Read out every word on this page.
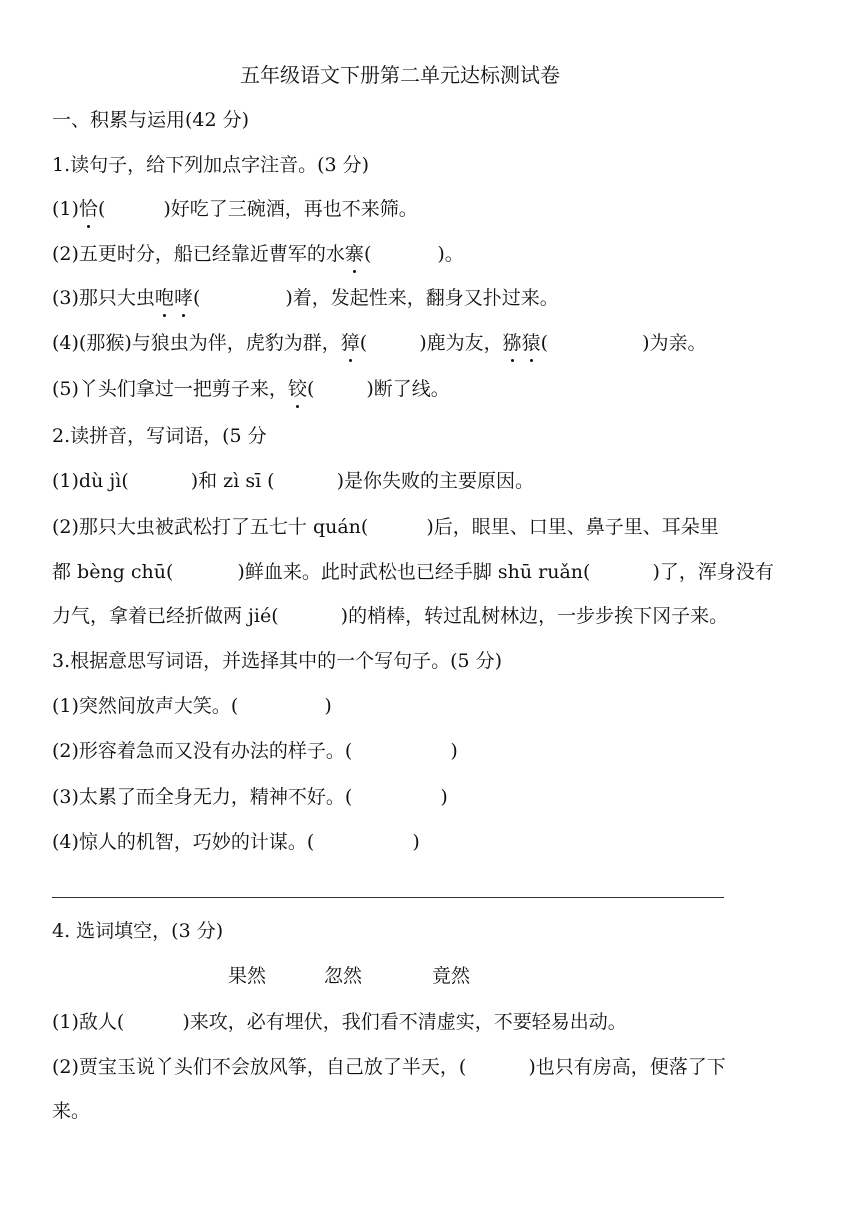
五年级语文下册第二单元达标测试卷
一、积累与运用(42 分)
1.读句子，给下列加点字注音。(3 分)
(1)恰(	)好吃了三碗酒，再也不来筛。
(2)五更时分，船已经靠近曹军的水寨(	)。
(3)那只大虫咆哮(	)着，发起性来，翻身又扑过来。
(4)(那猴)与狼虫为伴，虎豹为群，獐(	)鹿为友，猕猿(	)为亲。
(5)丫头们拿过一把剪子来，铰(	)断了线。
2.读拼音，写词语，(5 分
(1)dù jì(	)和 zì sī (	)是你失败的主要原因。
(2)那只大虫被武松打了五七十 quán(	)后，眼里、口里、鼻子里、耳朵里
都 bèng chū(	)鲜血来。此时武松也已经手脚 shū ruǎn(	)了，浑身没有
力气，拿着已经折做两 jié(	)的梢棒，转过乱树林边，一步步挨下冈子来。
3.根据意思写词语，并选择其中的一个写句子。(5 分)
(1)突然间放声大笑。(	)
(2)形容着急而又没有办法的样子。(	)
(3)太累了而全身无力，精神不好。(	)
(4)惊人的机智，巧妙的计谋。(	)
4. 选词填空，(3 分)
果然	忽然	竟然
(1)敌人(	)来攻，必有埋伏，我们看不清虚实，不要轻易出动。
(2)贾宝玉说丫头们不会放风筝，自己放了半天，(	)也只有房高，便落了下
来。
